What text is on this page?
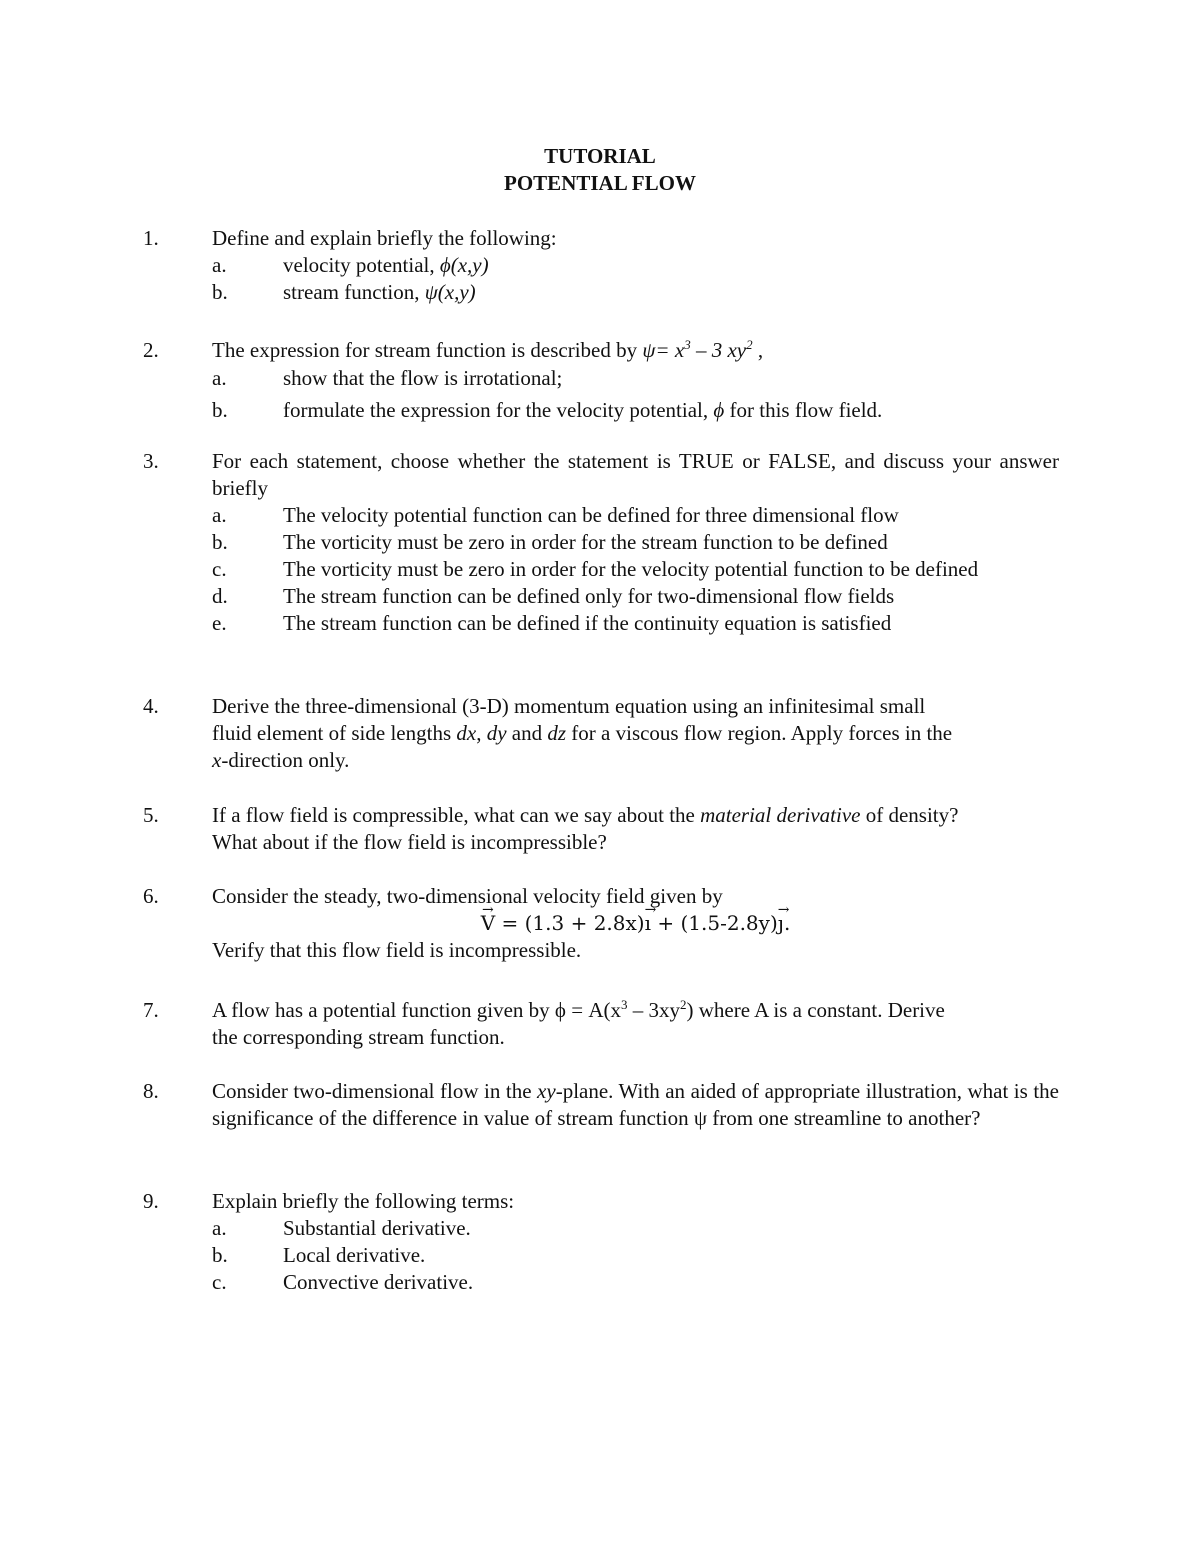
TUTORIAL
POTENTIAL FLOW
1.	Define and explain briefly the following:

a.	velocity potential, ϕ(x,y)
b.	stream function, ψ(x,y)
2.	The expression for stream function is described by $\psi= x^3 - 3$ $xy^2$ ,

a.	show that the flow is irrotational;
b.	formulate the expression for the velocity potential, ϕ for this flow field.
3.	For each statement, choose whether the statement is TRUE or FALSE, and discuss your answer briefly

a.	The velocity potential function can be defined for three dimensional flow
b.	The vorticity must be zero in order for the stream function to be defined
c.	The vorticity must be zero in order for the velocity potential function to be defined

d.	The stream function can be defined only for two-dimensional flow fields
e.	The stream function can be defined if the continuity equation is satisfied
4.	Derive the three-dimensional (3-D) momentum equation using an infinitesimal small

fluid element of side lengths dx, dy and dz for a viscous flow region. Apply forces in the

x-direction only.

5.	If a flow field is compressible, what can we say about the material derivative of density?

What about if the flow field is incompressible?

6.	Consider the steady, two-dimensional velocity field given by

→ V = (1.3 + 2.8x)→ ı + (1.5-2.8y)→ ȷ.

Verify that this flow field is incompressible.

7.	A flow has a potential function given by $\phi = A(x^3 - 3xy^2)$ where A is a constant. Derive

the corresponding stream function.

8.	Consider two-dimensional flow in the xy-plane. With an aided of appropriate illustration, what is the significance of the difference in value of stream function ψ from one streamline to another?

9.	Explain briefly the following terms:

a.	Substantial derivative.
b.	Local derivative.
c.	Convective derivative.
